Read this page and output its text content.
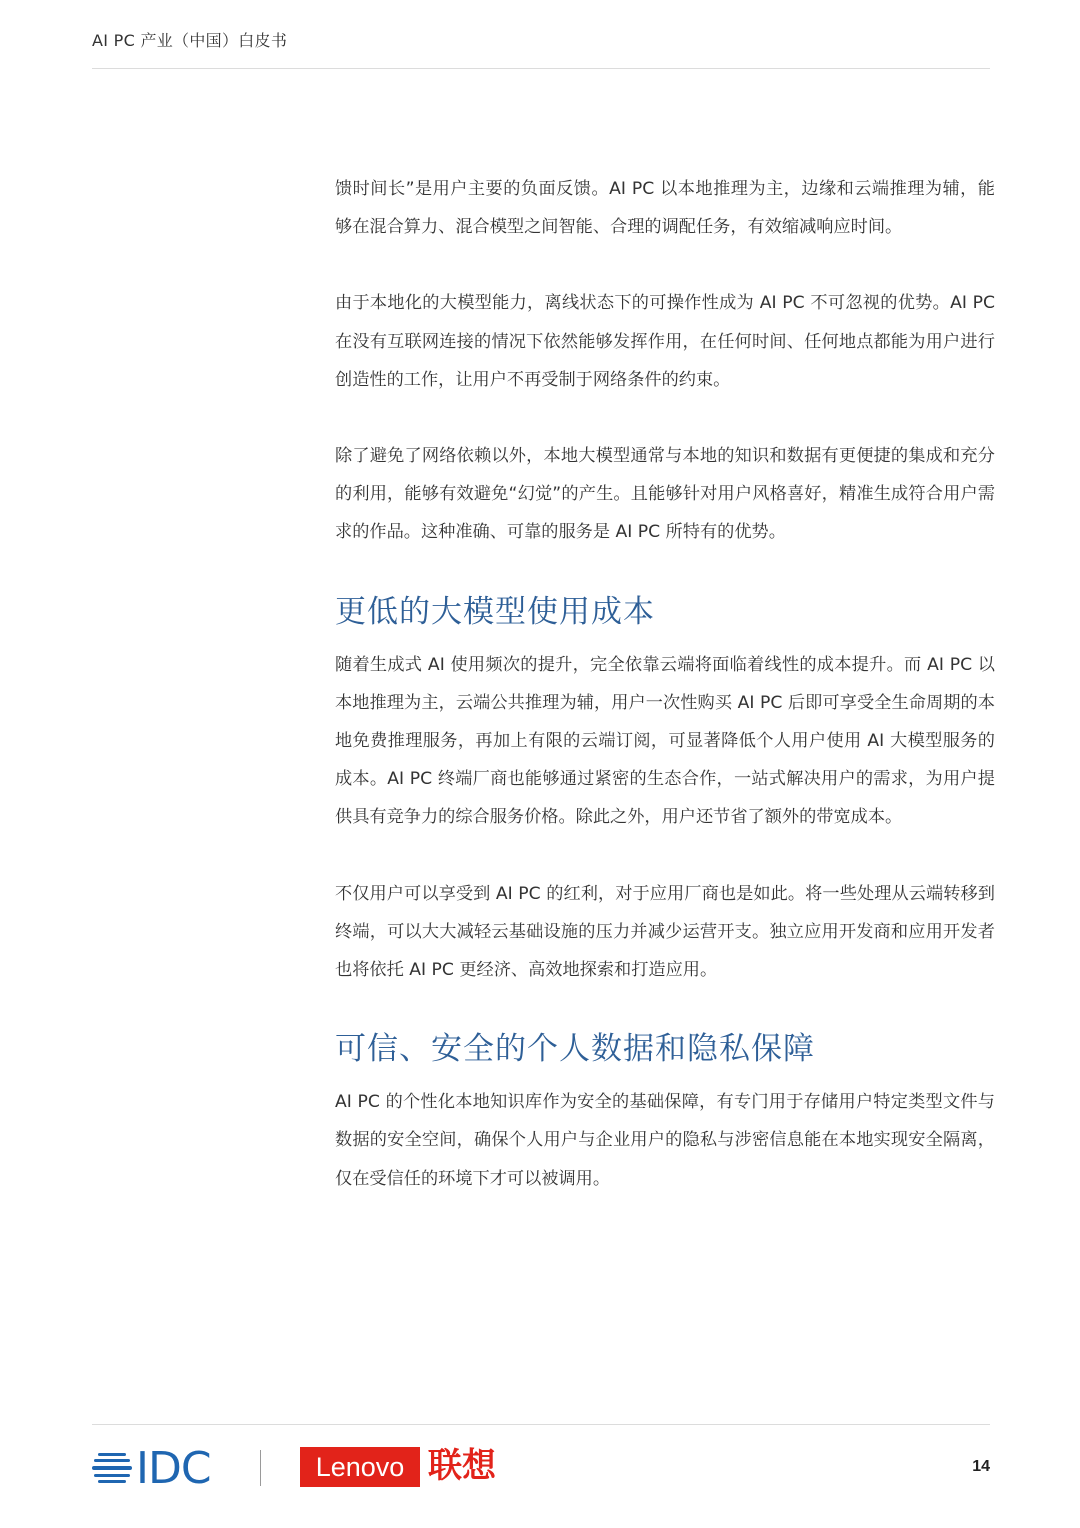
AI PC 产业（中国）白皮书

馈时间长”是用户主要的负面反馈。AI PC 以本地推理为主，边缘和云端推理为辅，能够在混合算力、混合模型之间智能、合理的调配任务，有效缩减响应时间。

由于本地化的大模型能力，离线状态下的可操作性成为 AI PC 不可忽视的优势。AI PC 在没有互联网连接的情况下依然能够发挥作用，在任何时间、任何地点都能为用户进行创造性的工作，让用户不再受制于网络条件的约束。

除了避免了网络依赖以外，本地大模型通常与本地的知识和数据有更便捷的集成和充分的利用，能够有效避免“幻觉”的产生。且能够针对用户风格喜好，精准生成符合用户需求的作品。这种准确、可靠的服务是 AI PC 所特有的优势。

更低的大模型使用成本

随着生成式 AI 使用频次的提升，完全依靠云端将面临着线性的成本提升。而 AI PC 以本地推理为主，云端公共推理为辅，用户一次性购买 AI PC 后即可享受全生命周期的本地免费推理服务，再加上有限的云端订阅，可显著降低个人用户使用 AI 大模型服务的成本。AI PC 终端厂商也能够通过紧密的生态合作，一站式解决用户的需求，为用户提供具有竞争力的综合服务价格。除此之外，用户还节省了额外的带宽成本。

不仅用户可以享受到 AI PC 的红利，对于应用厂商也是如此。将一些处理从云端转移到终端，可以大大减轻云基础设施的压力并减少运营开支。独立应用开发商和应用开发者也将依托 AI PC 更经济、高效地探索和打造应用。

可信、安全的个人数据和隐私保障

AI PC 的个性化本地知识库作为安全的基础保障，有专门用于存储用户特定类型文件与数据的安全空间，确保个人用户与企业用户的隐私与涉密信息能在本地实现安全隔离，仅在受信任的环境下才可以被调用。

IDC	Lenovo 联想	14
